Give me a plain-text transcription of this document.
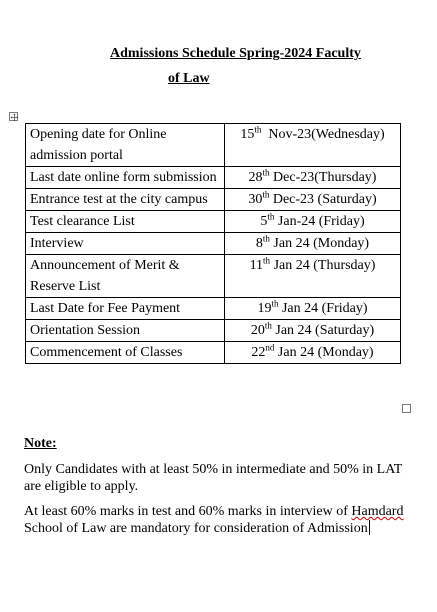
Admissions Schedule Spring-2024 Faculty
of Law
Opening date for Online admission portal	15th  Nov-23(Wednesday)
Last date online form submission	28th Dec-23(Thursday)
Entrance test at the city campus	30th Dec-23 (Saturday)
Test clearance List	5th Jan-24 (Friday)
Interview	8th Jan 24 (Monday)
Announcement of Merit & Reserve List	11th Jan 24 (Thursday)
Last Date for Fee Payment	19th Jan 24 (Friday)
Orientation Session	20th Jan 24 (Saturday)
Commencement of Classes	22nd Jan 24 (Monday)
Note:
Only Candidates with at least 50% in intermediate and 50% in LAT are eligible to apply.
At least 60% marks in test and 60% marks in interview of Hamdard School of Law are mandatory for consideration of Admission
